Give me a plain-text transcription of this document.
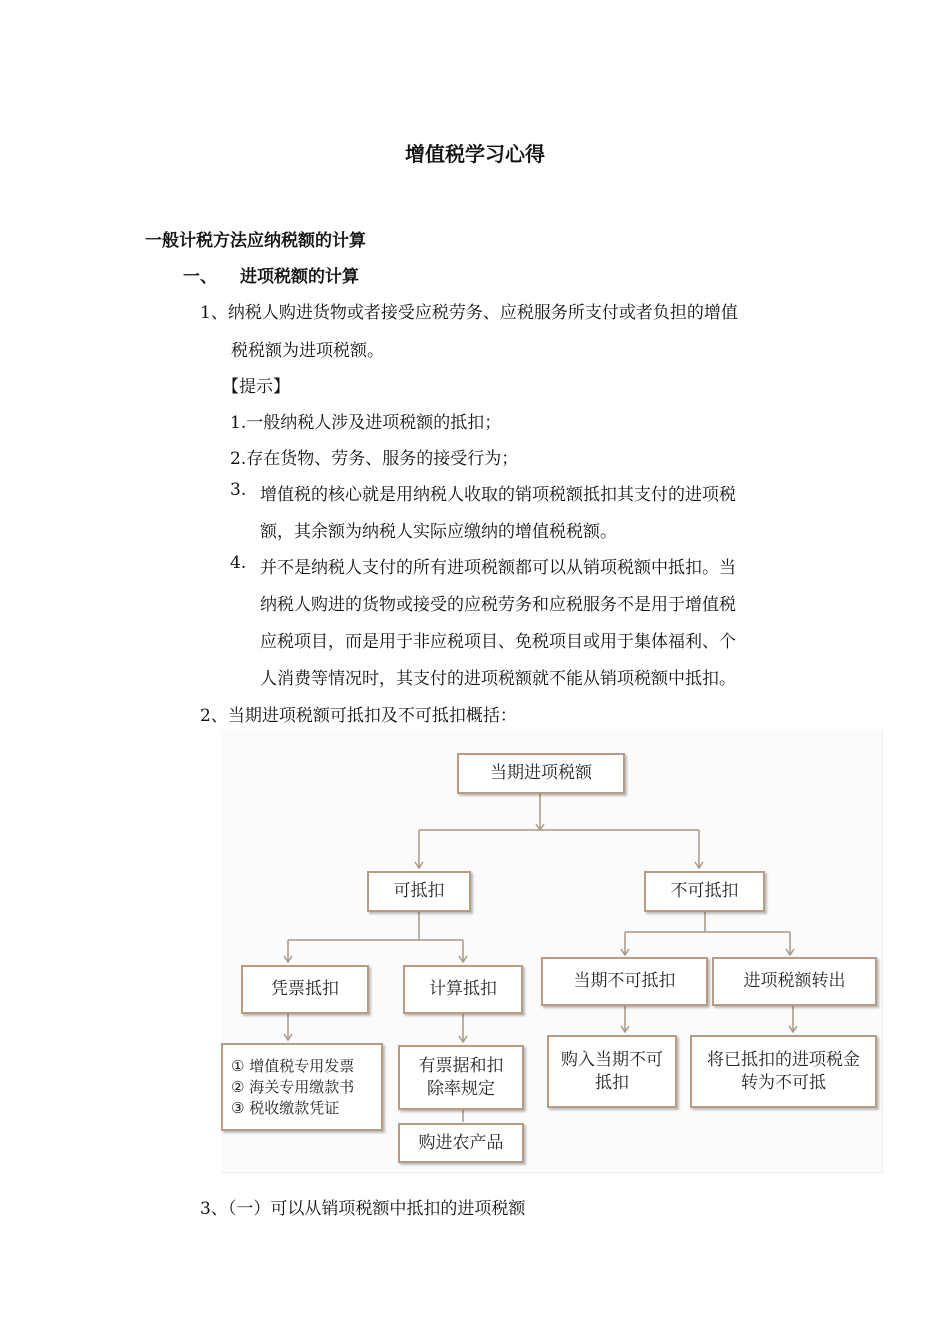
增值税学习心得
一般计税方法应纳税额的计算
一、 进项税额的计算
1、纳税人购进货物或者接受应税劳务、应税服务所支付或者负担的增值
税税额为进项税额。
【提示】
1.一般纳税人涉及进项税额的抵扣；
2.存在货物、劳务、服务的接受行为；
3. 增值税的核心就是用纳税人收取的销项税额抵扣其支付的进项税
额，其余额为纳税人实际应缴纳的增值税税额。
4. 并不是纳税人支付的所有进项税额都可以从销项税额中抵扣。当
纳税人购进的货物或接受的应税劳务和应税服务不是用于增值税
应税项目，而是用于非应税项目、免税项目或用于集体福利、个
人消费等情况时，其支付的进项税额就不能从销项税额中抵扣。
2、当期进项税额可抵扣及不可抵扣概括：
当期进项税额
可抵扣	不可抵扣
凭票抵扣	计算抵扣	当期不可抵扣	进项税额转出
① 增值税专用发票
② 海关专用缴款书
③ 税收缴款凭证
有票据和扣
除率规定
购进农产品
购入当期不可
抵扣
将已抵扣的进项税金
转为不可抵
3、（一）可以从销项税额中抵扣的进项税额
